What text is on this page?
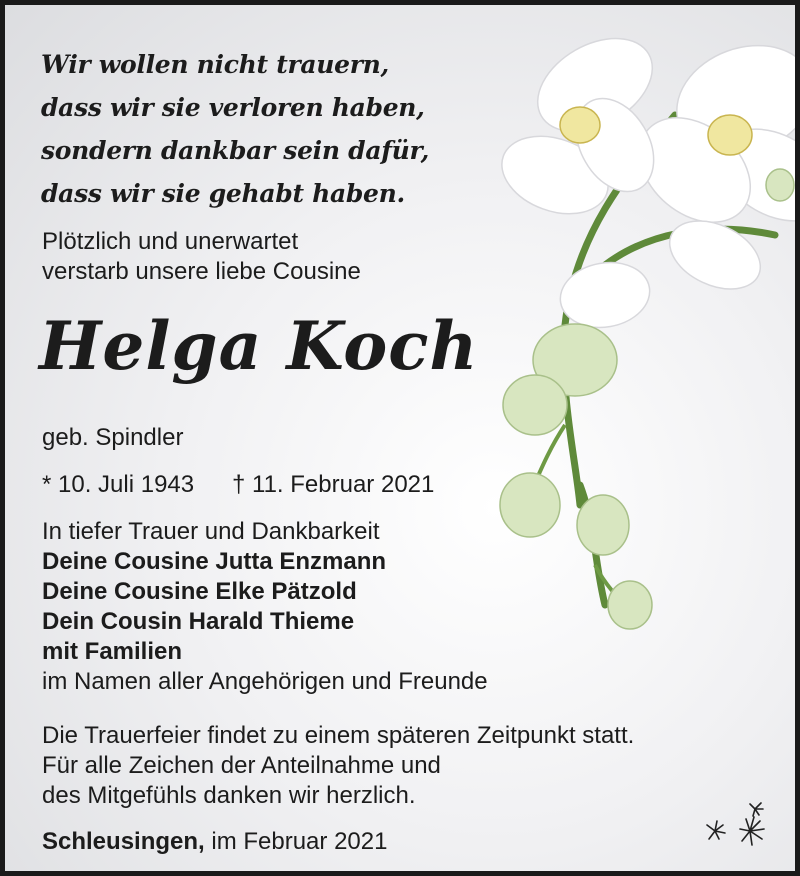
Wir wollen nicht trauern,
dass wir sie verloren haben,
sondern dankbar sein dafür,
dass wir sie gehabt haben.
Plötzlich und unerwartet
verstarb unsere liebe Cousine
Helga Koch
geb. Spindler
* 10. Juli 1943 † 11. Februar 2021
In tiefer Trauer und Dankbarkeit
Deine Cousine Jutta Enzmann
Deine Cousine Elke Pätzold
Dein Cousin Harald Thieme
mit Familien
im Namen aller Angehörigen und Freunde
Die Trauerfeier findet zu einem späteren Zeitpunkt statt.
Für alle Zeichen der Anteilnahme und
des Mitgefühls danken wir herzlich.
Schleusingen, im Februar 2021
